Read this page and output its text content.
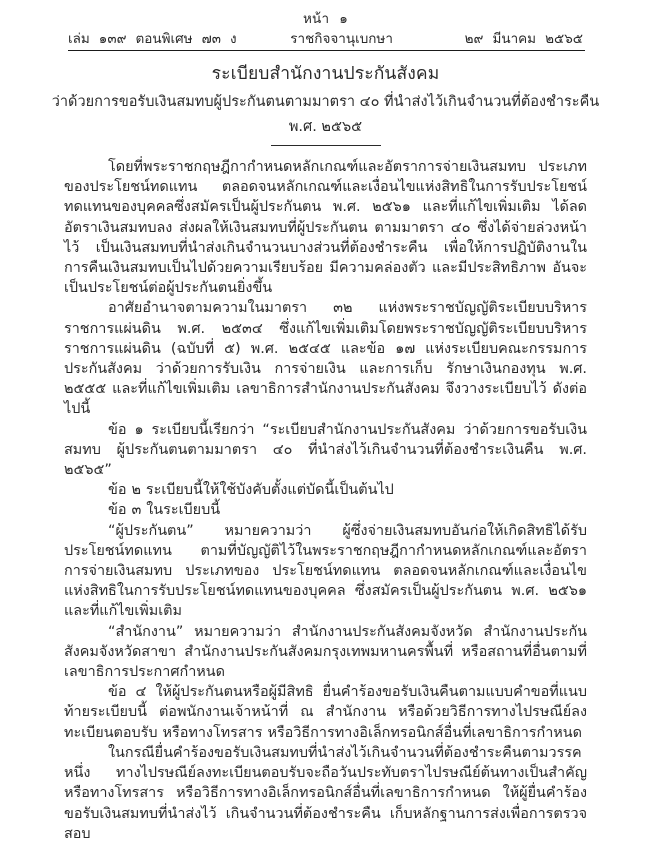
หน้า ๑
เล่ม ๑๓๙ ตอนพิเศษ ๗๓ ง	ราชกิจจานุเบกษา	๒๙ มีนาคม ๒๕๖๕
ระเบียบสำนักงานประกันสังคม

ว่าด้วยการขอรับเงินสมทบผู้ประกันตนตามมาตรา ๔๐ ที่นำส่งไว้เกินจำนวนที่ต้องชำระคืน

พ.ศ. ๒๕๖๕

โดยที่พระราชกฤษฎีกากำหนดหลักเกณฑ์และอัตราการจ่ายเงินสมทบ ประเภทของประโยชน์ทดแทน ตลอดจนหลักเกณฑ์และเงื่อนไขแห่งสิทธิในการรับประโยชน์ทดแทนของบุคคลซึ่งสมัครเป็นผู้ประกันตน พ.ศ. ๒๕๖๑ และที่แก้ไขเพิ่มเติม ได้ลดอัตราเงินสมทบลง ส่งผลให้เงินสมทบที่ผู้ประกันตน ตามมาตรา ๔๐ ซึ่งได้จ่ายล่วงหน้าไว้ เป็นเงินสมทบที่นำส่งเกินจำนวนบางส่วนที่ต้องชำระคืน เพื่อให้การปฏิบัติงานในการคืนเงินสมทบเป็นไปด้วยความเรียบร้อย มีความคล่องตัว และมีประสิทธิภาพ อันจะเป็นประโยชน์ต่อผู้ประกันตนยิ่งขึ้น

อาศัยอำนาจตามความในมาตรา ๓๒ แห่งพระราชบัญญัติระเบียบบริหารราชการแผ่นดิน พ.ศ. ๒๕๓๔ ซึ่งแก้ไขเพิ่มเติมโดยพระราชบัญญัติระเบียบบริหารราชการแผ่นดิน (ฉบับที่ ๕) พ.ศ. ๒๕๔๕ และข้อ ๑๗ แห่งระเบียบคณะกรรมการประกันสังคม ว่าด้วยการรับเงิน การจ่ายเงิน และการเก็บ รักษาเงินกองทุน พ.ศ. ๒๕๕๕ และที่แก้ไขเพิ่มเติม เลขาธิการสำนักงานประกันสังคม จึงวางระเบียบไว้ ดังต่อไปนี้

ข้อ ๑ ระเบียบนี้เรียกว่า “ระเบียบสำนักงานประกันสังคม ว่าด้วยการขอรับเงินสมทบ ผู้ประกันตนตามมาตรา ๔๐ ที่นำส่งไว้เกินจำนวนที่ต้องชำระเงินคืน พ.ศ. ๒๕๖๕”

ข้อ ๒ ระเบียบนี้ให้ใช้บังคับตั้งแต่บัดนี้เป็นต้นไป

ข้อ ๓ ในระเบียบนี้

“ผู้ประกันตน” หมายความว่า ผู้ซึ่งจ่ายเงินสมทบอันก่อให้เกิดสิทธิได้รับประโยชน์ทดแทน ตามที่บัญญัติไว้ในพระราชกฤษฎีกากำหนดหลักเกณฑ์และอัตราการจ่ายเงินสมทบ ประเภทของ ประโยชน์ทดแทน ตลอดจนหลักเกณฑ์และเงื่อนไขแห่งสิทธิในการรับประโยชน์ทดแทนของบุคคล ซึ่งสมัครเป็นผู้ประกันตน พ.ศ. ๒๕๖๑ และที่แก้ไขเพิ่มเติม

“สำนักงาน” หมายความว่า สำนักงานประกันสังคมจังหวัด สำนักงานประกันสังคมจังหวัดสาขา สำนักงานประกันสังคมกรุงเทพมหานครพื้นที่ หรือสถานที่อื่นตามที่เลขาธิการประกาศกำหนด

ข้อ ๔ ให้ผู้ประกันตนหรือผู้มีสิทธิ ยื่นคำร้องขอรับเงินคืนตามแบบคำขอที่แนบท้ายระเบียบนี้ ต่อพนักงานเจ้าหน้าที่ ณ สำนักงาน หรือด้วยวิธีการทางไปรษณีย์ลงทะเบียนตอบรับ หรือทางโทรสาร หรือวิธีการทางอิเล็กทรอนิกส์อื่นที่เลขาธิการกำหนด

ในกรณียื่นคำร้องขอรับเงินสมทบที่นำส่งไว้เกินจำนวนที่ต้องชำระคืนตามวรรคหนึ่ง ทางไปรษณีย์ลงทะเบียนตอบรับจะถือวันประทับตราไปรษณีย์ต้นทางเป็นสำคัญ หรือทางโทรสาร หรือวิธีการทางอิเล็กทรอนิกส์อื่นที่เลขาธิการกำหนด ให้ผู้ยื่นคำร้องขอรับเงินสมทบที่นำส่งไว้ เกินจำนวนที่ต้องชำระคืน เก็บหลักฐานการส่งเพื่อการตรวจสอบ
